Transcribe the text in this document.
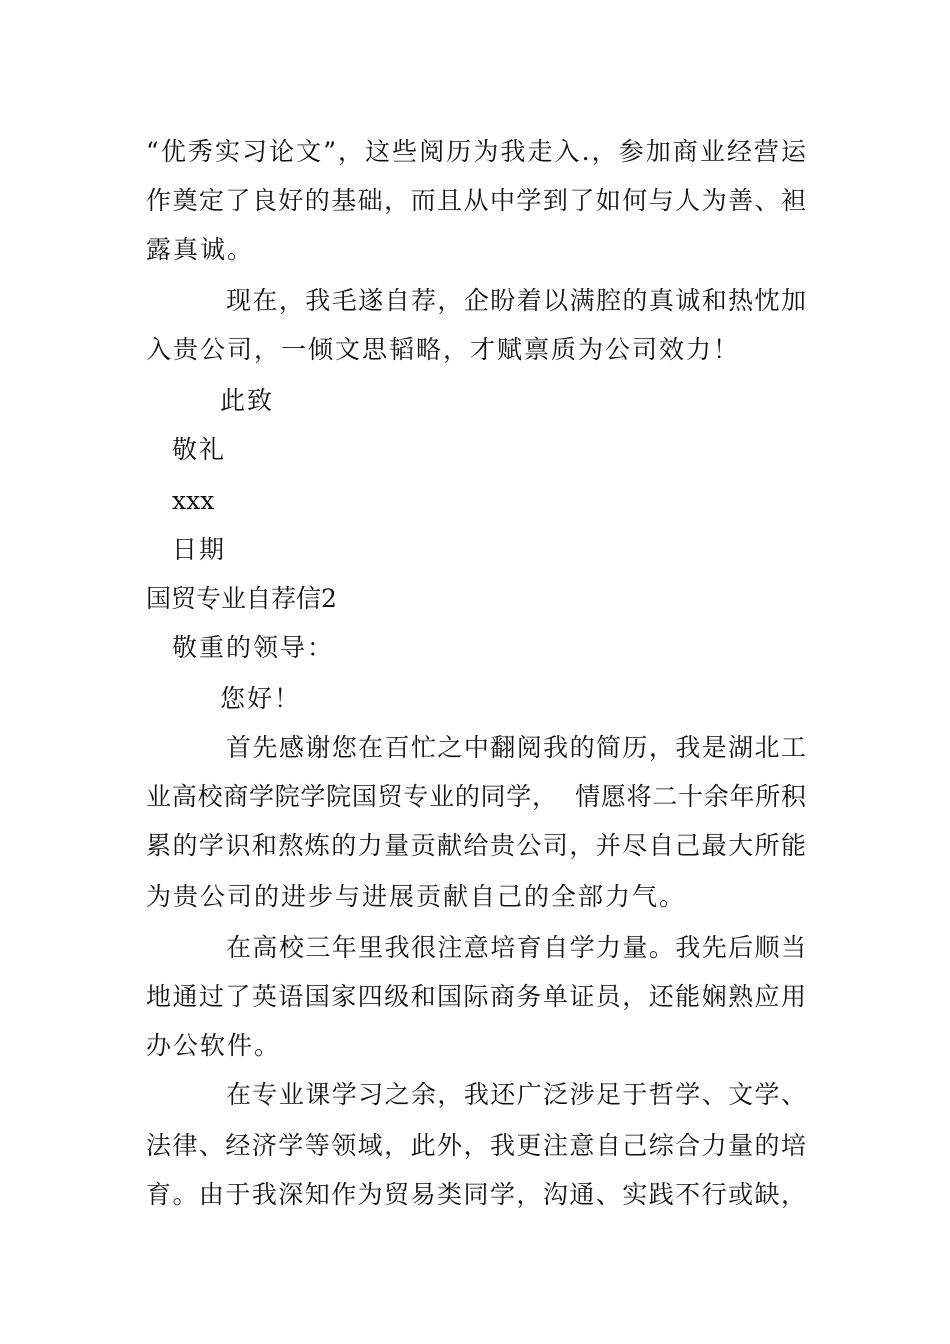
“优秀实习论文”，这些阅历为我走入.，参加商业经营运
作奠定了良好的基础，而且从中学到了如何与人为善、袒
露真诚。
现在，我毛遂自荐，企盼着以满腔的真诚和热忱加
入贵公司，一倾文思韬略，才赋禀质为公司效力！
此致
敬礼
xxx
日期
国贸专业自荐信2
敬重的领导：
您好！
首先感谢您在百忙之中翻阅我的简历，我是湖北工
业高校商学院学院国贸专业的同学，  情愿将二十余年所积
累的学识和熬炼的力量贡献给贵公司，并尽自己最大所能
为贵公司的进步与进展贡献自己的全部力气。
在高校三年里我很注意培育自学力量。我先后顺当
地通过了英语国家四级和国际商务单证员，还能娴熟应用
办公软件。
在专业课学习之余，我还广泛涉足于哲学、文学、
法律、经济学等领域，此外，我更注意自己综合力量的培
育。由于我深知作为贸易类同学，沟通、实践不行或缺，
